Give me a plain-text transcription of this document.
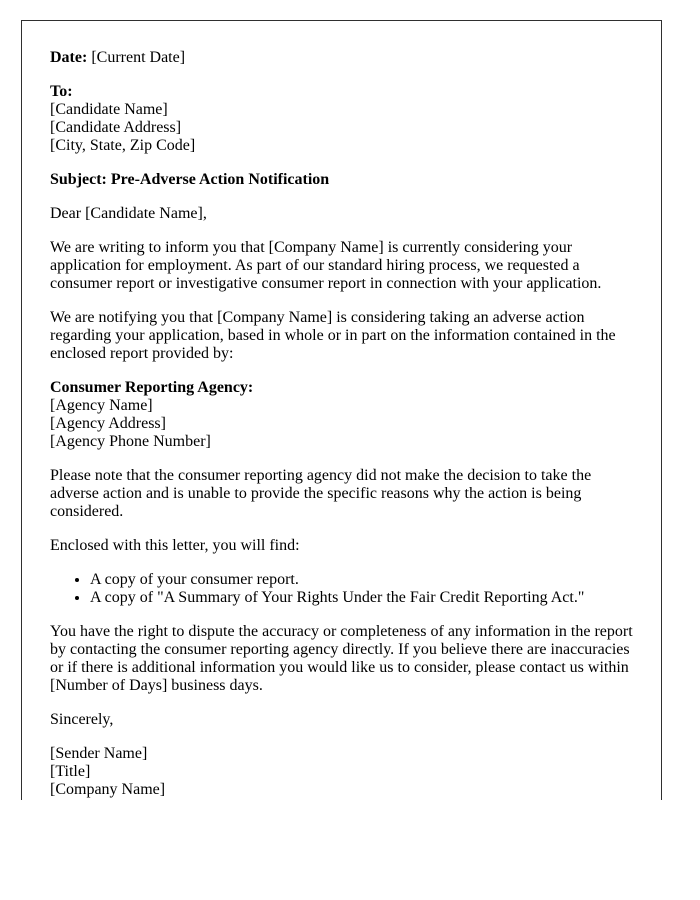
Date: [Current Date]

To:
[Candidate Name]
[Candidate Address]
[City, State, Zip Code]

Subject: Pre-Adverse Action Notification

Dear [Candidate Name],

We are writing to inform you that [Company Name] is currently considering your application for employment. As part of our standard hiring process, we requested a consumer report or investigative consumer report in connection with your application.

We are notifying you that [Company Name] is considering taking an adverse action regarding your application, based in whole or in part on the information contained in the enclosed report provided by:

Consumer Reporting Agency:
[Agency Name]
[Agency Address]
[Agency Phone Number]

Please note that the consumer reporting agency did not make the decision to take the adverse action and is unable to provide the specific reasons why the action is being considered.

Enclosed with this letter, you will find:

• A copy of your consumer report.
• A copy of "A Summary of Your Rights Under the Fair Credit Reporting Act."

You have the right to dispute the accuracy or completeness of any information in the report by contacting the consumer reporting agency directly. If you believe there are inaccuracies or if there is additional information you would like us to consider, please contact us within [Number of Days] business days.

Sincerely,

[Sender Name]
[Title]
[Company Name]
